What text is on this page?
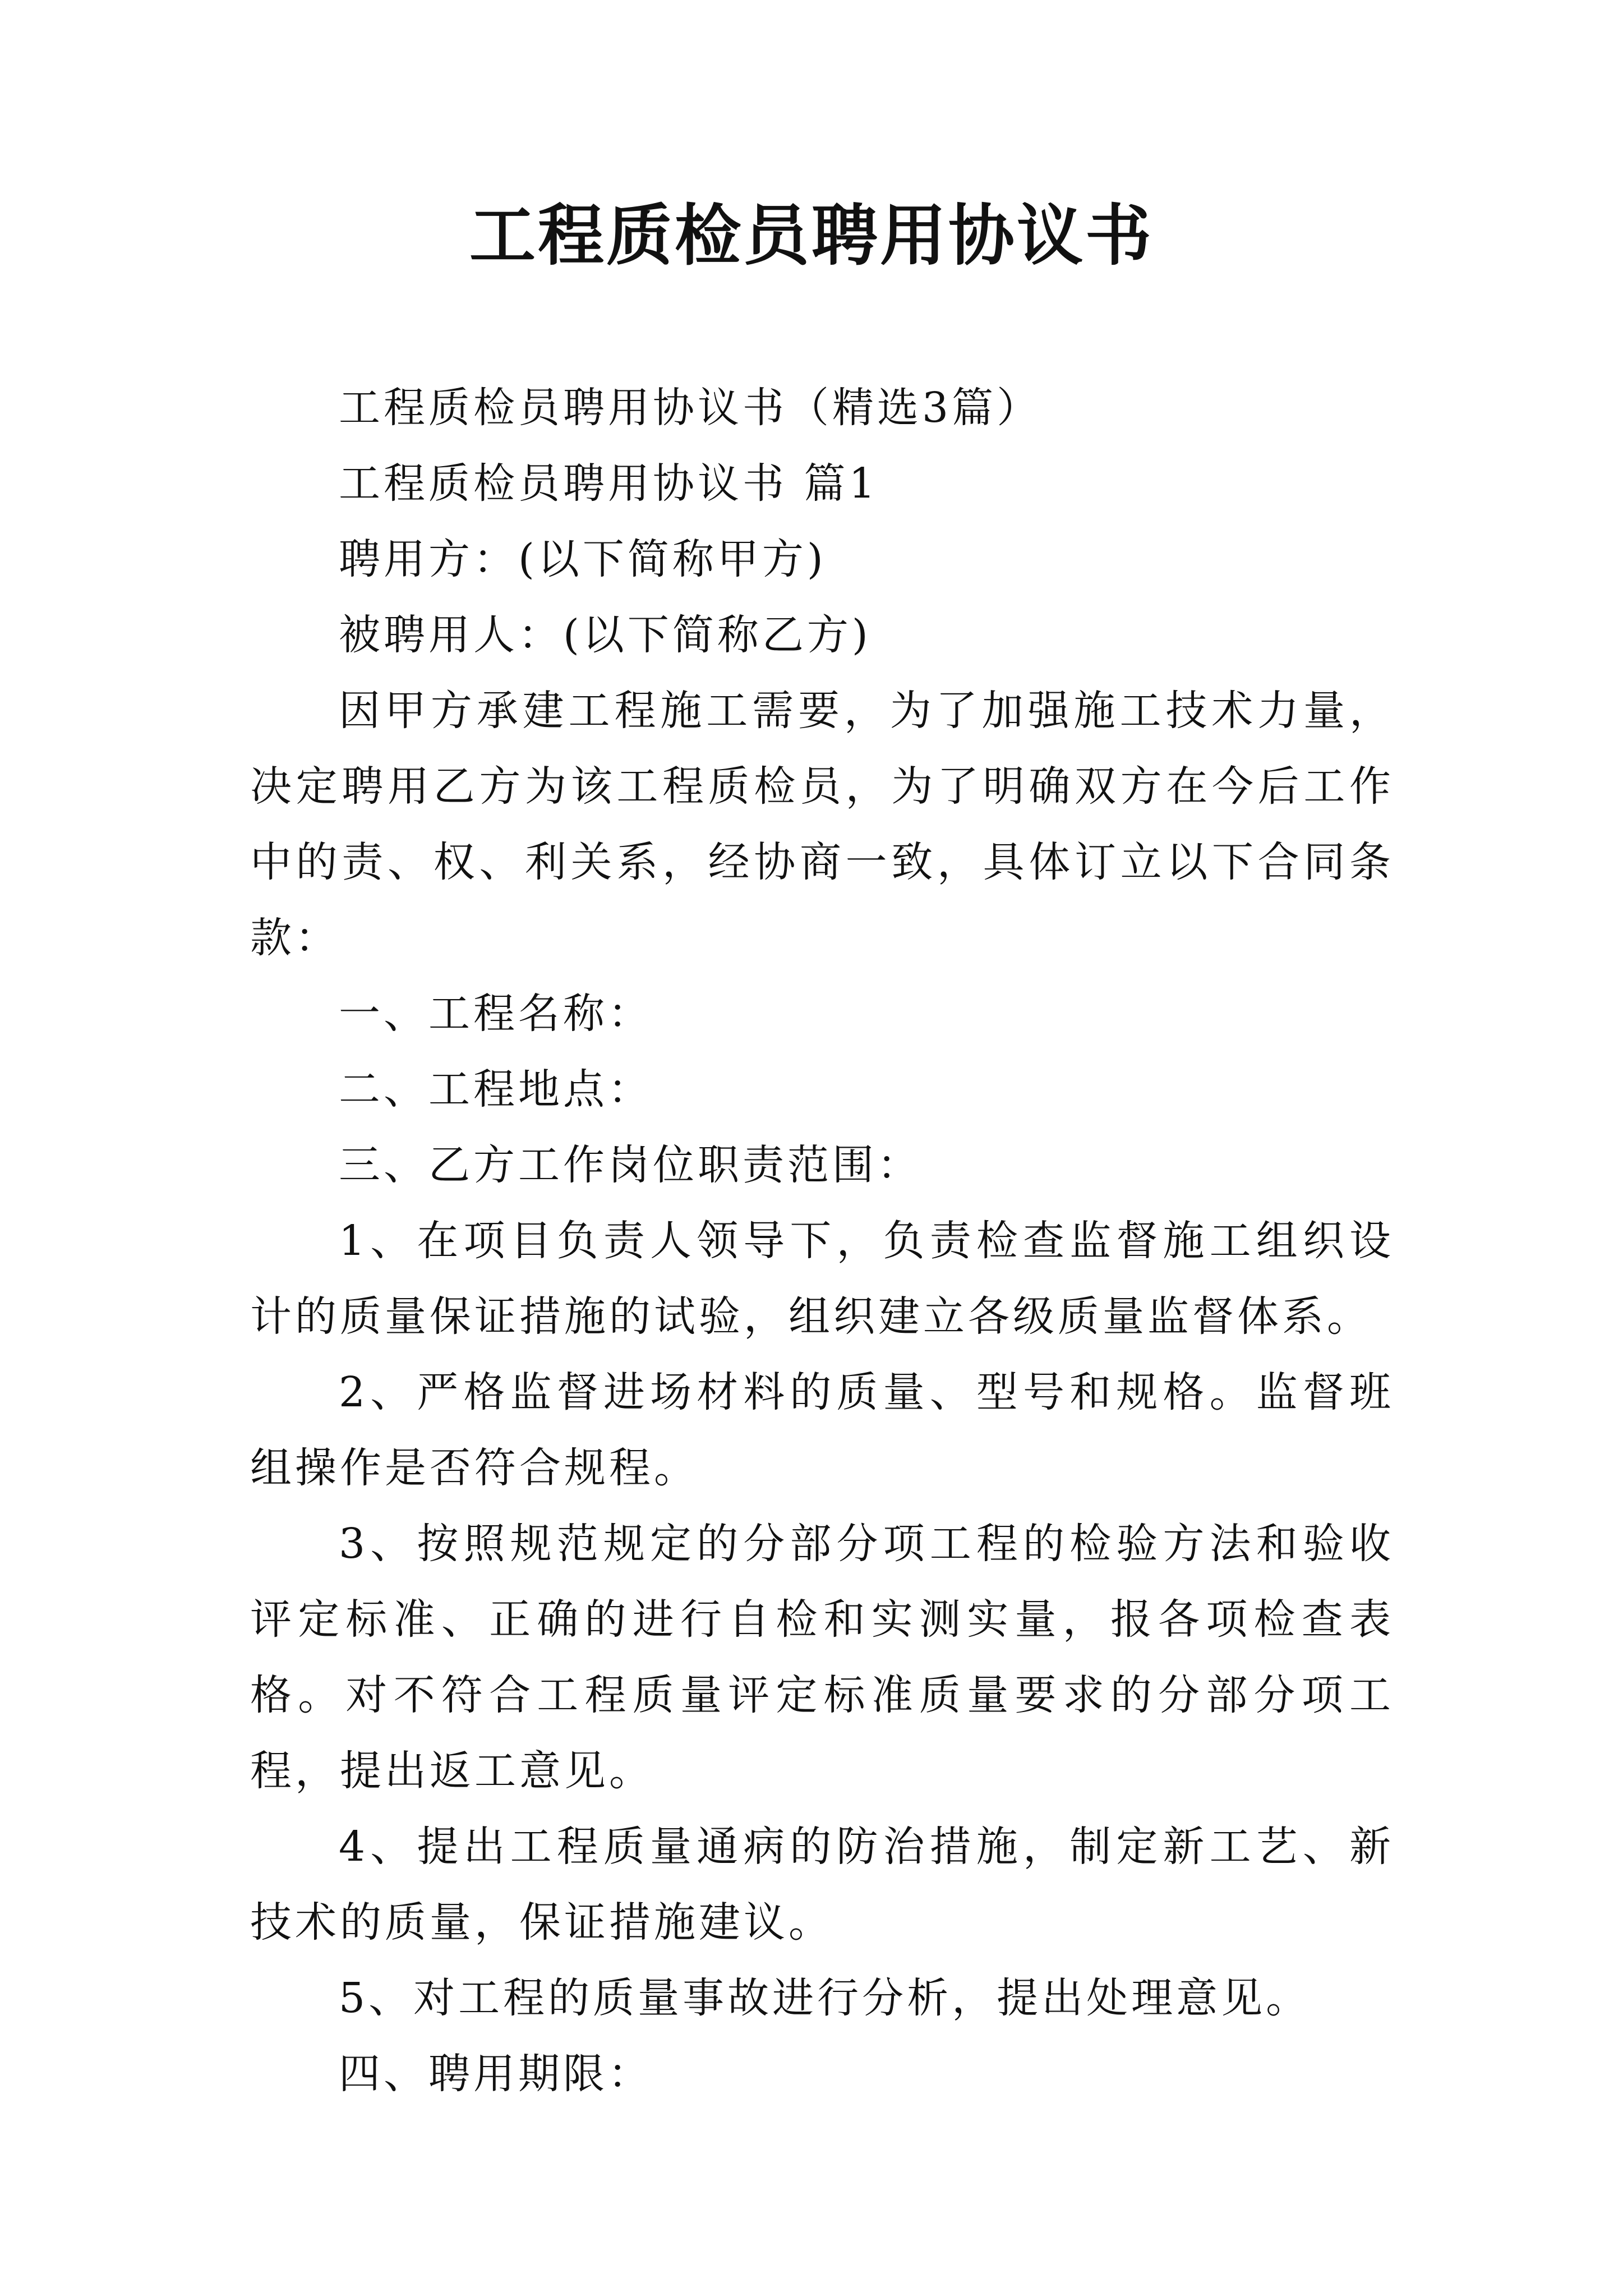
工程质检员聘用协议书

工程质检员聘用协议书（精选3篇）

工程质检员聘用协议书 篇1

聘用方：(以下简称甲方)

被聘用人：(以下简称乙方)

因甲方承建工程施工需要，为了加强施工技术力量，决定聘用乙方为该工程质检员，为了明确双方在今后工作中的责、权、利关系，经协商一致，具体订立以下合同条款：

一、工程名称：

二、工程地点：

三、乙方工作岗位职责范围：

1、在项目负责人领导下，负责检查监督施工组织设计的质量保证措施的试验，组织建立各级质量监督体系。

2、严格监督进场材料的质量、型号和规格。监督班组操作是否符合规程。

3、按照规范规定的分部分项工程的检验方法和验收评定标准、正确的进行自检和实测实量，报各项检查表格。对不符合工程质量评定标准质量要求的分部分项工程，提出返工意见。

4、提出工程质量通病的防治措施，制定新工艺、新技术的质量，保证措施建议。

5、对工程的质量事故进行分析，提出处理意见。

四、聘用期限：
